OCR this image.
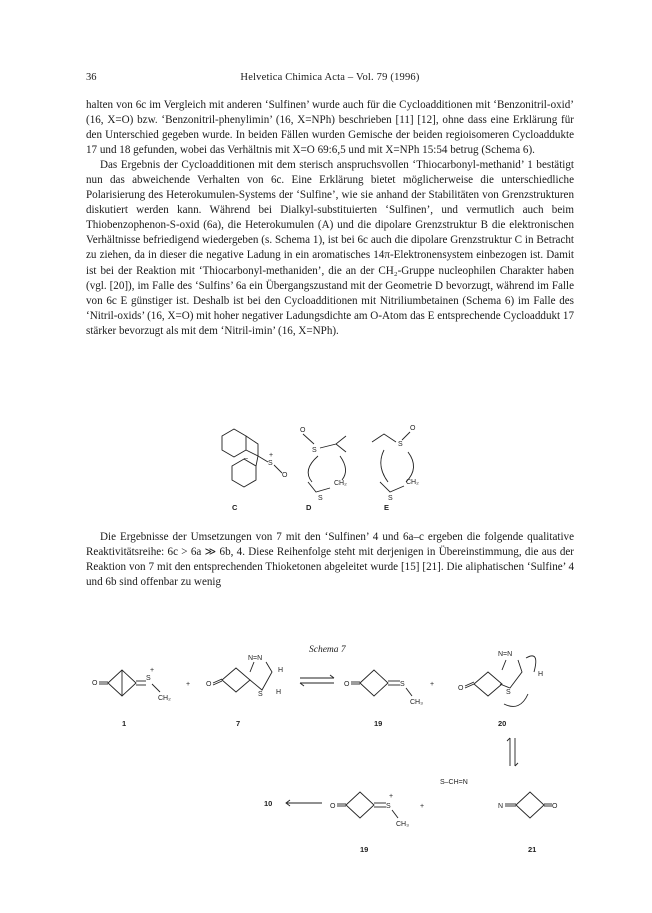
36	Helvetica Chimica Acta – Vol. 79 (1996)

halten von 6c im Vergleich mit anderen ‘Sulfinen’ wurde auch für die Cycloadditionen mit ‘Benzonitril-oxid’ (16, X=O) bzw. ‘Benzonitril-phenylimin’ (16, X=NPh) beschrieben [11] [12], ohne dass eine Erklärung für den Unterschied gegeben wurde. In beiden Fällen wurden Gemische der beiden regioisomeren Cycloaddukte 17 und 18 gefunden, wobei das Verhältnis mit X=O 69:6,5 und mit X=NPh 15:54 betrug (Schema 6).

Das Ergebnis der Cycloadditionen mit dem sterisch anspruchsvollen ‘Thiocarbonyl-methanid’ 1 bestätigt nun das abweichende Verhalten von 6c. Eine Erklärung bietet möglicherweise die unterschiedliche Polarisierung des Heterokumulen-Systems der ‘Sulfine’, wie sie anhand der Stabilitäten von Grenzstrukturen diskutiert werden kann. Während bei Dialkyl-substituierten ‘Sulfinen’, und vermutlich auch beim Thiobenzophenon-S-oxid (6a), die Heterokumulen (A) und die dipolare Grenzstruktur B die elektronischen Verhältnisse befriedigend wiedergeben (s. Schema 1), ist bei 6c auch die dipolare Grenzstruktur C in Betracht zu ziehen, da in dieser die negative Ladung in ein aromatisches 14π-Elektronensystem einbezogen ist. Damit ist bei der Reaktion mit ‘Thiocarbonyl-methaniden’, die an der CH₂-Gruppe nucleophilen Charakter haben (vgl. [20]), im Falle des ‘Sulfins’ 6a ein Übergangszustand mit der Geometrie D bevorzugt, während im Falle von 6c E günstiger ist. Deshalb ist bei den Cycloadditionen mit Nitriliumbetainen (Schema 6) im Falle des ‘Nitril-oxids’ (16, X=O) mit hoher negativer Ladungsdichte am O-Atom das E entsprechende Cycloaddukt 17 stärker bevorzugt als mit dem ‘Nitril-imin’ (16, X=NPh).

S
+
O
–
C
O
S
S
CH₂
D
S
O
S
CH₂
E

Die Ergebnisse der Umsetzungen von 7 mit den ‘Sulfinen’ 4 und 6a–c ergeben die folgende qualitative Reaktivitätsreihe: 6c > 6a ≫ 6b, 4. Diese Reihenfolge steht mit derjenigen in Übereinstimmung, die aus der Reaktion von 7 mit den entsprechenden Thioketonen abgeleitet wurde [15] [21]. Die aliphatischen ‘Sulfine’ 4 und 6b sind offenbar zu wenig

Schema 7
O
S
+
CH₂
1
+ O
N=N
S
H
H
7
O	S
CH₃
19
+
O
N=N
S
H
20
10	O	S
+
CH₃
19
+
S–CH=N
N	O
21
